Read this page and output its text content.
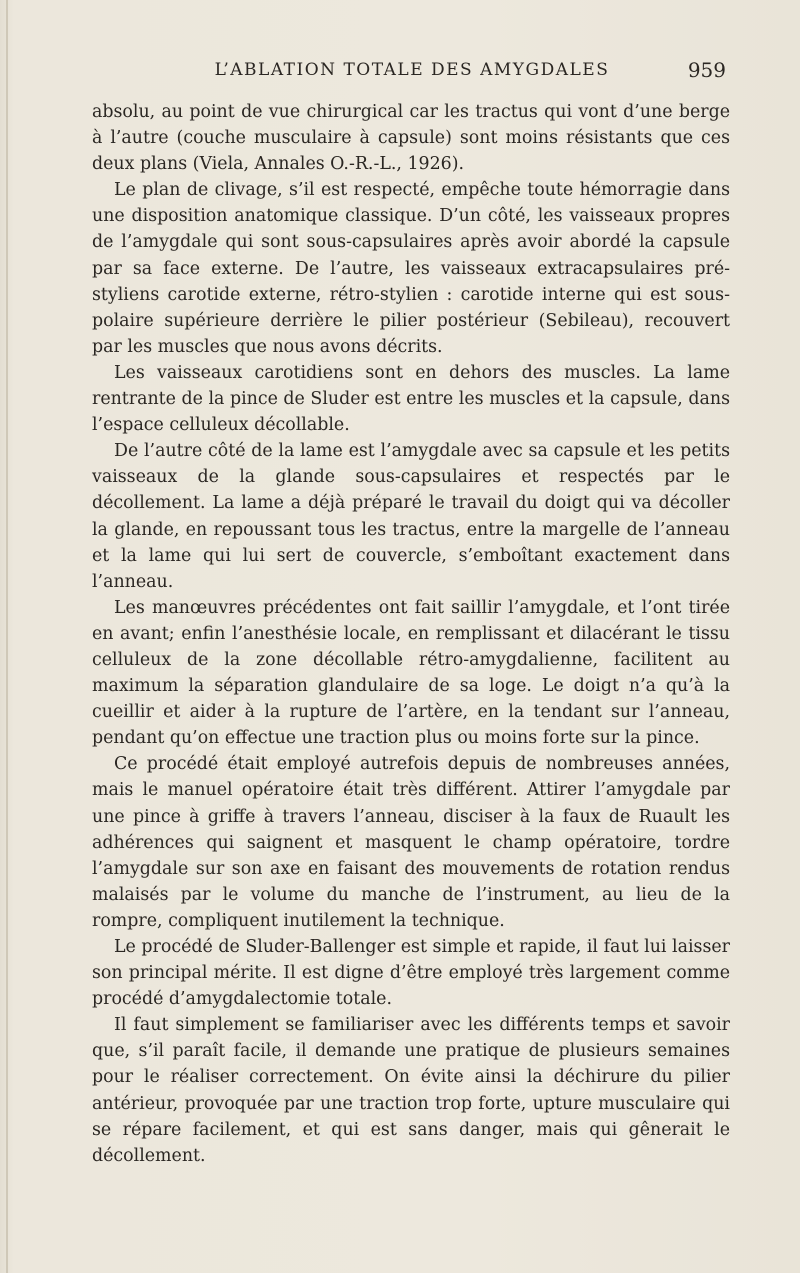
L’ABLATION TOTALE DES AMYGDALES	959

absolu, au point de vue chirurgical car les tractus qui vont d’une berge à l’autre (couche musculaire à capsule) sont moins résistants que ces deux plans (Viela, Annales O.-R.-L., 1926).

Le plan de clivage, s’il est respecté, empêche toute hémorragie dans une disposition anatomique classique. D’un côté, les vaisseaux propres de l’amygdale qui sont sous-capsulaires après avoir abordé la capsule par sa face externe. De l’autre, les vaisseaux extracapsulaires pré-styliens carotide externe, rétro-stylien : carotide interne qui est sous-polaire supérieure derrière le pilier postérieur (Sebileau), recouvert par les muscles que nous avons décrits.

Les vaisseaux carotidiens sont en dehors des muscles. La lame rentrante de la pince de Sluder est entre les muscles et la capsule, dans l’espace celluleux décollable.

De l’autre côté de la lame est l’amygdale avec sa capsule et les petits vaisseaux de la glande sous-capsulaires et respectés par le décollement. La lame a déjà préparé le travail du doigt qui va décoller la glande, en repoussant tous les tractus, entre la margelle de l’anneau et la lame qui lui sert de couvercle, s’emboîtant exactement dans l’anneau.

Les manœuvres précédentes ont fait saillir l’amygdale, et l’ont tirée en avant; enfin l’anesthésie locale, en remplissant et dilacérant le tissu celluleux de la zone décollable rétro-amygdalienne, facilitent au maximum la séparation glandulaire de sa loge. Le doigt n’a qu’à la cueillir et aider à la rupture de l’artère, en la tendant sur l’anneau, pendant qu’on effectue une traction plus ou moins forte sur la pince.

Ce procédé était employé autrefois depuis de nombreuses années, mais le manuel opératoire était très différent. Attirer l’amygdale par une pince à griffe à travers l’anneau, disciser à la faux de Ruault les adhérences qui saignent et masquent le champ opératoire, tordre l’amygdale sur son axe en faisant des mouvements de rotation rendus malaisés par le volume du manche de l’instrument, au lieu de la rompre, compliquent inutilement la technique.

Le procédé de Sluder-Ballenger est simple et rapide, il faut lui laisser son principal mérite. Il est digne d’être employé très largement comme procédé d’amygdalectomie totale.

Il faut simplement se familiariser avec les différents temps et savoir que, s’il paraît facile, il demande une pratique de plusieurs semaines pour le réaliser correctement. On évite ainsi la déchirure du pilier antérieur, provoquée par une traction trop forte, upture musculaire qui se répare facilement, et qui est sans danger, mais qui gênerait le décollement.
